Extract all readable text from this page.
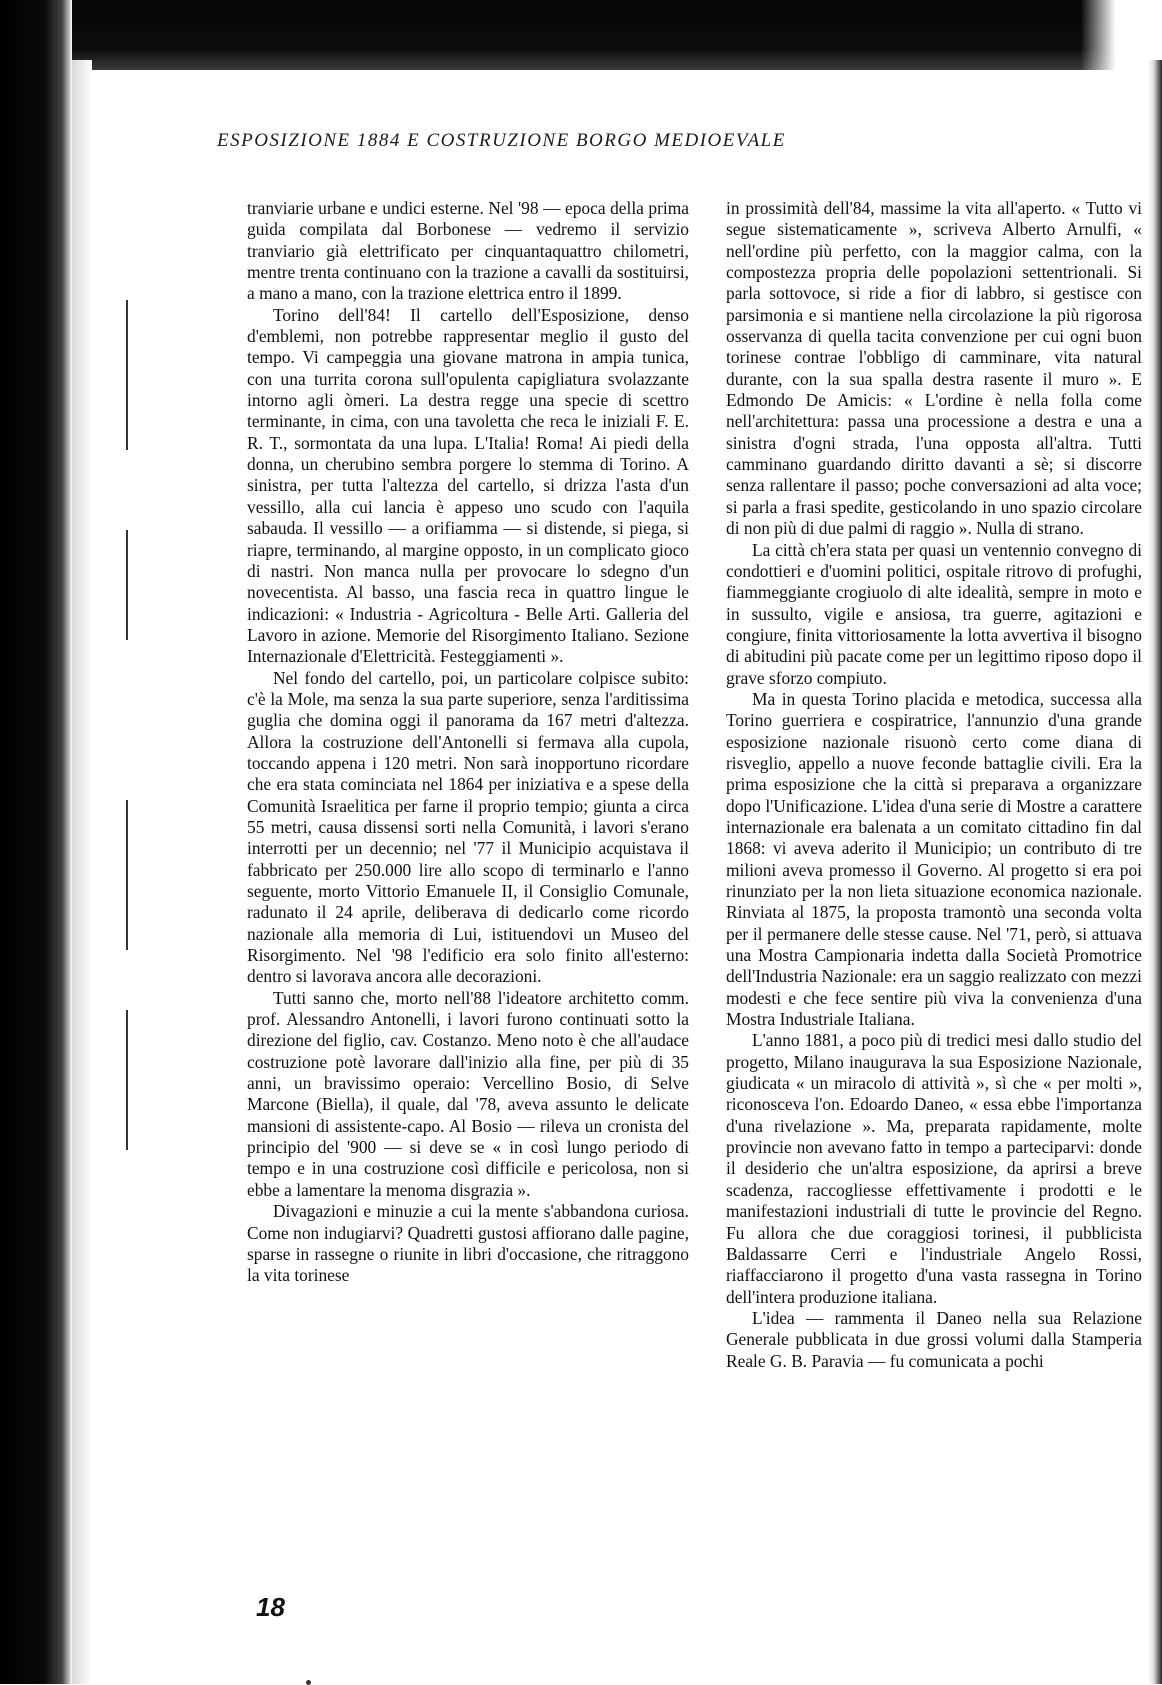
ESPOSIZIONE 1884 E COSTRUZIONE BORGO MEDIOEVALE

tranviarie urbane e undici esterne. Nel '98 — epoca della prima guida compilata dal Borbonese — vedremo il servizio tranviario già elettrificato per cinquantaquattro chilometri, mentre trenta continuano con la trazione a cavalli da sostituirsi, a mano a mano, con la trazione elettrica entro il 1899.

Torino dell'84! Il cartello dell'Esposizione, denso d'emblemi, non potrebbe rappresentar meglio il gusto del tempo. Vi campeggia una giovane matrona in ampia tunica, con una turrita corona sull'opulenta capigliatura svolazzante intorno agli òmeri. La destra regge una specie di scettro terminante, in cima, con una tavoletta che reca le iniziali F. E. R. T., sormontata da una lupa. L'Italia! Roma! Ai piedi della donna, un cherubino sembra porgere lo stemma di Torino. A sinistra, per tutta l'altezza del cartello, si drizza l'asta d'un vessillo, alla cui lancia è appeso uno scudo con l'aquila sabauda. Il vessillo — a orifiamma — si distende, si piega, si riapre, terminando, al margine opposto, in un complicato gioco di nastri. Non manca nulla per provocare lo sdegno d'un novecentista. Al basso, una fascia reca in quattro lingue le indicazioni: « Industria - Agricoltura - Belle Arti. Galleria del Lavoro in azione. Memorie del Risorgimento Italiano. Sezione Internazionale d'Elettricità. Festeggiamenti ».

Nel fondo del cartello, poi, un particolare colpisce subito: c'è la Mole, ma senza la sua parte superiore, senza l'arditissima guglia che domina oggi il panorama da 167 metri d'altezza. Allora la costruzione dell'Antonelli si fermava alla cupola, toccando appena i 120 metri. Non sarà inopportuno ricordare che era stata cominciata nel 1864 per iniziativa e a spese della Comunità Israelitica per farne il proprio tempio; giunta a circa 55 metri, causa dissensi sorti nella Comunità, i lavori s'erano interrotti per un decennio; nel '77 il Municipio acquistava il fabbricato per 250.000 lire allo scopo di terminarlo e l'anno seguente, morto Vittorio Emanuele II, il Consiglio Comunale, radunato il 24 aprile, deliberava di dedicarlo come ricordo nazionale alla memoria di Lui, istituendovi un Museo del Risorgimento. Nel '98 l'edificio era solo finito all'esterno: dentro si lavorava ancora alle decorazioni.

Tutti sanno che, morto nell'88 l'ideatore architetto comm. prof. Alessandro Antonelli, i lavori furono continuati sotto la direzione del figlio, cav. Costanzo. Meno noto è che all'audace costruzione potè lavorare dall'inizio alla fine, per più di 35 anni, un bravissimo operaio: Vercellino Bosio, di Selve Marcone (Biella), il quale, dal '78, aveva assunto le delicate mansioni di assistente-capo. Al Bosio — rileva un cronista del principio del '900 — si deve se « in così lungo periodo di tempo e in una costruzione così difficile e pericolosa, non si ebbe a lamentare la menoma disgrazia ».

Divagazioni e minuzie a cui la mente s'abbandona curiosa. Come non indugiarvi? Quadretti gustosi affiorano dalle pagine, sparse in rassegne o riunite in libri d'occasione, che ritraggono la vita torinese

in prossimità dell'84, massime la vita all'aperto. « Tutto vi segue sistematicamente », scriveva Alberto Arnulfi, « nell'ordine più perfetto, con la maggior calma, con la compostezza propria delle popolazioni settentrionali. Si parla sottovoce, si ride a fior di labbro, si gestisce con parsimonia e si mantiene nella circolazione la più rigorosa osservanza di quella tacita convenzione per cui ogni buon torinese contrae l'obbligo di camminare, vita natural durante, con la sua spalla destra rasente il muro ». E Edmondo De Amicis: « L'ordine è nella folla come nell'architettura: passa una processione a destra e una a sinistra d'ogni strada, l'una opposta all'altra. Tutti camminano guardando diritto davanti a sè; si discorre senza rallentare il passo; poche conversazioni ad alta voce; si parla a frasi spedite, gesticolando in uno spazio circolare di non più di due palmi di raggio ». Nulla di strano.

La città ch'era stata per quasi un ventennio convegno di condottieri e d'uomini politici, ospitale ritrovo di profughi, fiammeggiante crogiuolo di alte idealità, sempre in moto e in sussulto, vigile e ansiosa, tra guerre, agitazioni e congiure, finita vittoriosamente la lotta avvertiva il bisogno di abitudini più pacate come per un legittimo riposo dopo il grave sforzo compiuto.

Ma in questa Torino placida e metodica, successa alla Torino guerriera e cospiratrice, l'annunzio d'una grande esposizione nazionale risuonò certo come diana di risveglio, appello a nuove feconde battaglie civili. Era la prima esposizione che la città si preparava a organizzare dopo l'Unificazione. L'idea d'una serie di Mostre a carattere internazionale era balenata a un comitato cittadino fin dal 1868: vi aveva aderito il Municipio; un contributo di tre milioni aveva promesso il Governo. Al progetto si era poi rinunziato per la non lieta situazione economica nazionale. Rinviata al 1875, la proposta tramontò una seconda volta per il permanere delle stesse cause. Nel '71, però, si attuava una Mostra Campionaria indetta dalla Società Promotrice dell'Industria Nazionale: era un saggio realizzato con mezzi modesti e che fece sentire più viva la convenienza d'una Mostra Industriale Italiana.

L'anno 1881, a poco più di tredici mesi dallo studio del progetto, Milano inaugurava la sua Esposizione Nazionale, giudicata « un miracolo di attività », sì che « per molti », riconosceva l'on. Edoardo Daneo, « essa ebbe l'importanza d'una rivelazione ». Ma, preparata rapidamente, molte provincie non avevano fatto in tempo a parteciparvi: donde il desiderio che un'altra esposizione, da aprirsi a breve scadenza, raccogliesse effettivamente i prodotti e le manifestazioni industriali di tutte le provincie del Regno. Fu allora che due coraggiosi torinesi, il pubblicista Baldassarre Cerri e l'industriale Angelo Rossi, riaffacciarono il progetto d'una vasta rassegna in Torino dell'intera produzione italiana.

L'idea — rammenta il Daneo nella sua Relazione Generale pubblicata in due grossi volumi dalla Stamperia Reale G. B. Paravia — fu comunicata a pochi

18
